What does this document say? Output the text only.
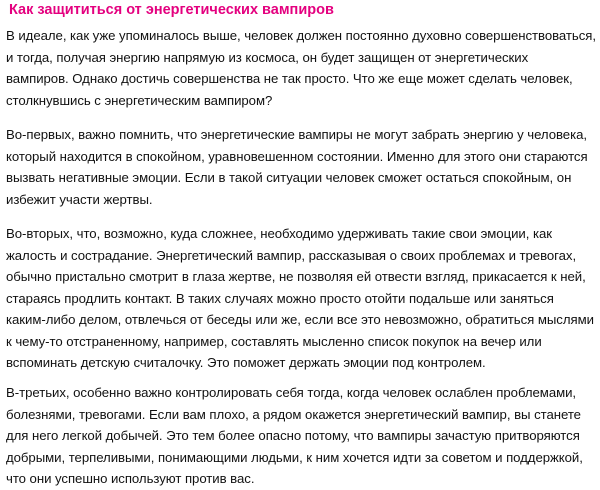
Как защититься от энергетических вампиров
В идеале, как уже упоминалось выше, человек должен постоянно духовно совершенствоваться,
и тогда, получая энергию напрямую из космоса, он будет защищен от энергетических
вампиров. Однако достичь совершенства не так просто. Что же еще может сделать человек,
столкнувшись с энергетическим вампиром?
Во-первых, важно помнить, что энергетические вампиры не могут забрать энергию у человека,
который находится в спокойном, уравновешенном состоянии. Именно для этого они стараются
вызвать негативные эмоции. Если в такой ситуации человек сможет остаться спокойным, он
избежит участи жертвы.
Во-вторых, что, возможно, куда сложнее, необходимо удерживать такие свои эмоции, как
жалость и сострадание. Энергетический вампир, рассказывая о своих проблемах и тревогах,
обычно пристально смотрит в глаза жертве, не позволяя ей отвести взгляд, прикасается к ней,
стараясь продлить контакт. В таких случаях можно просто отойти подальше или заняться
каким-либо делом, отвлечься от беседы или же, если все это невозможно, обратиться мыслями
к чему-то отстраненному, например, составлять мысленно список покупок на вечер или
вспоминать детскую считалочку. Это поможет держать эмоции под контролем.
В-третьих, особенно важно контролировать себя тогда, когда человек ослаблен проблемами,
болезнями, тревогами. Если вам плохо, а рядом окажется энергетический вампир, вы станете
для него легкой добычей. Это тем более опасно потому, что вампиры зачастую притворяются
добрыми, терпеливыми, понимающими людьми, к ним хочется идти за советом и поддержкой,
что они успешно используют против вас.
